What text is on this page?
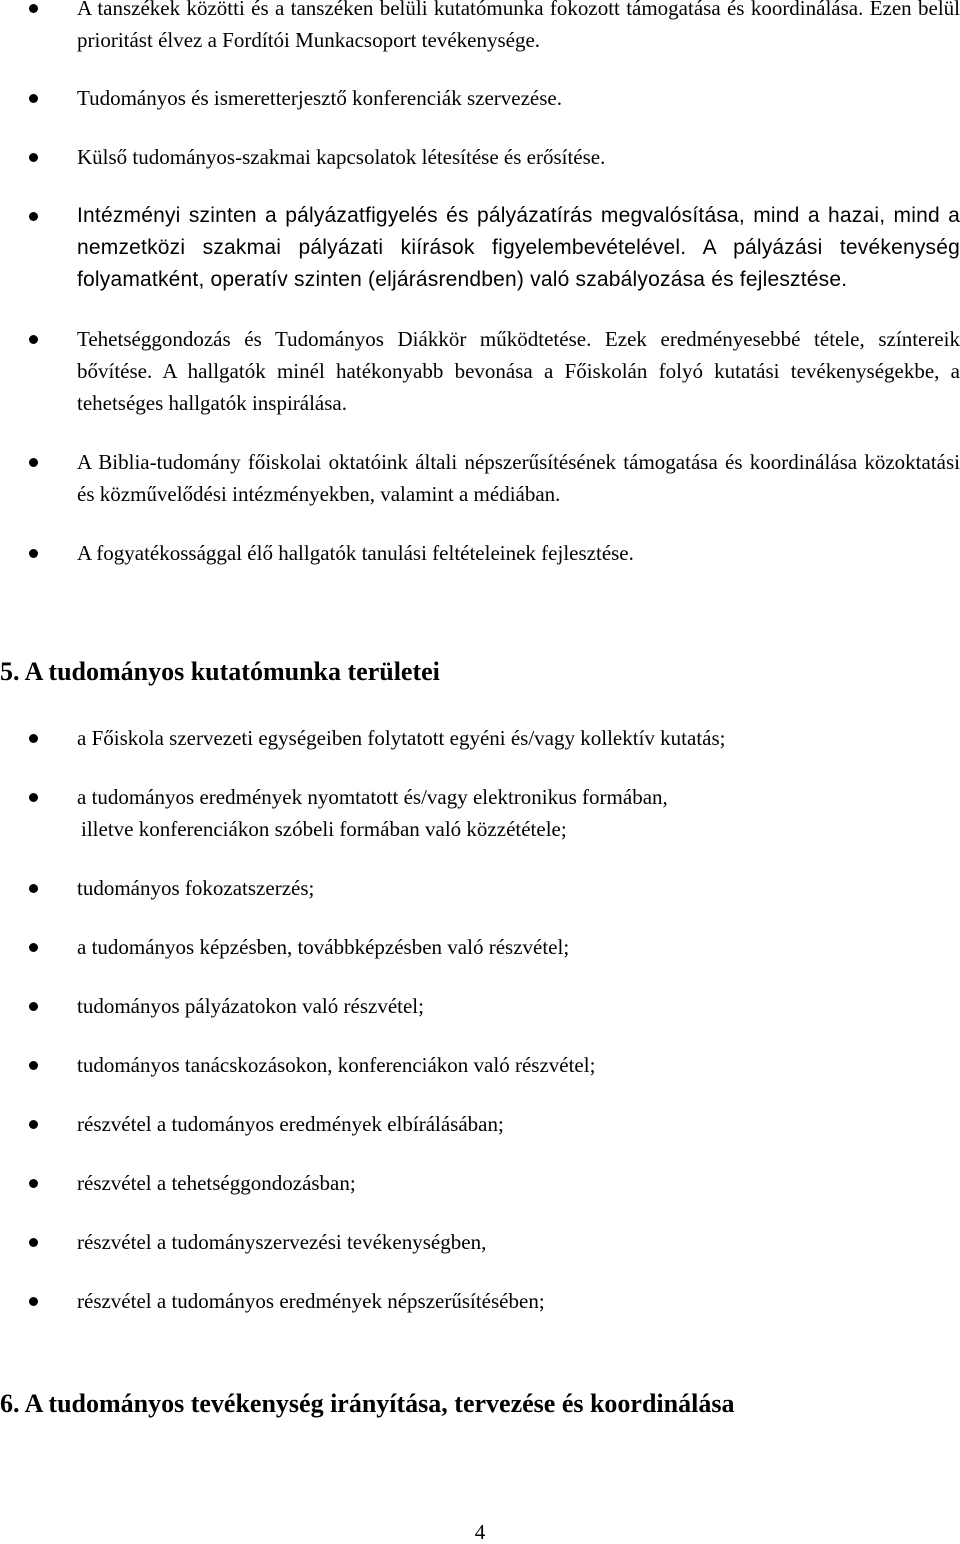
A tanszékek közötti és a tanszéken belüli kutatómunka fokozott támogatása és koordinálása. Ezen belül prioritást élvez a Fordítói Munkacsoport tevékenysége.
Tudományos és ismeretterjesztő konferenciák szervezése.
Külső tudományos-szakmai kapcsolatok létesítése és erősítése.
Intézményi szinten a pályázatfigyelés és pályázatírás megvalósítása, mind a hazai, mind a nemzetközi szakmai pályázati kiírások figyelembevételével. A pályázási tevékenység folyamatként, operatív szinten (eljárásrendben) való szabályozása és fejlesztése.
Tehetséggondozás és Tudományos Diákkör működtetése. Ezek eredményesebbé tétele, színtereik bővítése. A hallgatók minél hatékonyabb bevonása a Főiskolán folyó kutatási tevékenységekbe, a tehetséges hallgatók inspirálása.
A Biblia-tudomány főiskolai oktatóink általi népszerűsítésének támogatása és koordinálása közoktatási és közművelődési intézményekben, valamint a médiában.
A fogyatékossággal élő hallgatók tanulási feltételeinek fejlesztése.
5. A tudományos kutatómunka területei
a Főiskola szervezeti egységeiben folytatott egyéni és/vagy kollektív kutatás;
a tudományos eredmények nyomtatott és/vagy elektronikus formában,
illetve konferenciákon szóbeli formában való közzététele;
tudományos fokozatszerzés;
a tudományos képzésben, továbbképzésben való részvétel;
tudományos pályázatokon való részvétel;
tudományos tanácskozásokon, konferenciákon való részvétel;
részvétel a tudományos eredmények elbírálásában;
részvétel a tehetséggondozásban;
részvétel a tudományszervezési tevékenységben,
részvétel a tudományos eredmények népszerűsítésében;
6. A tudományos tevékenység irányítása, tervezése és koordinálása
4
